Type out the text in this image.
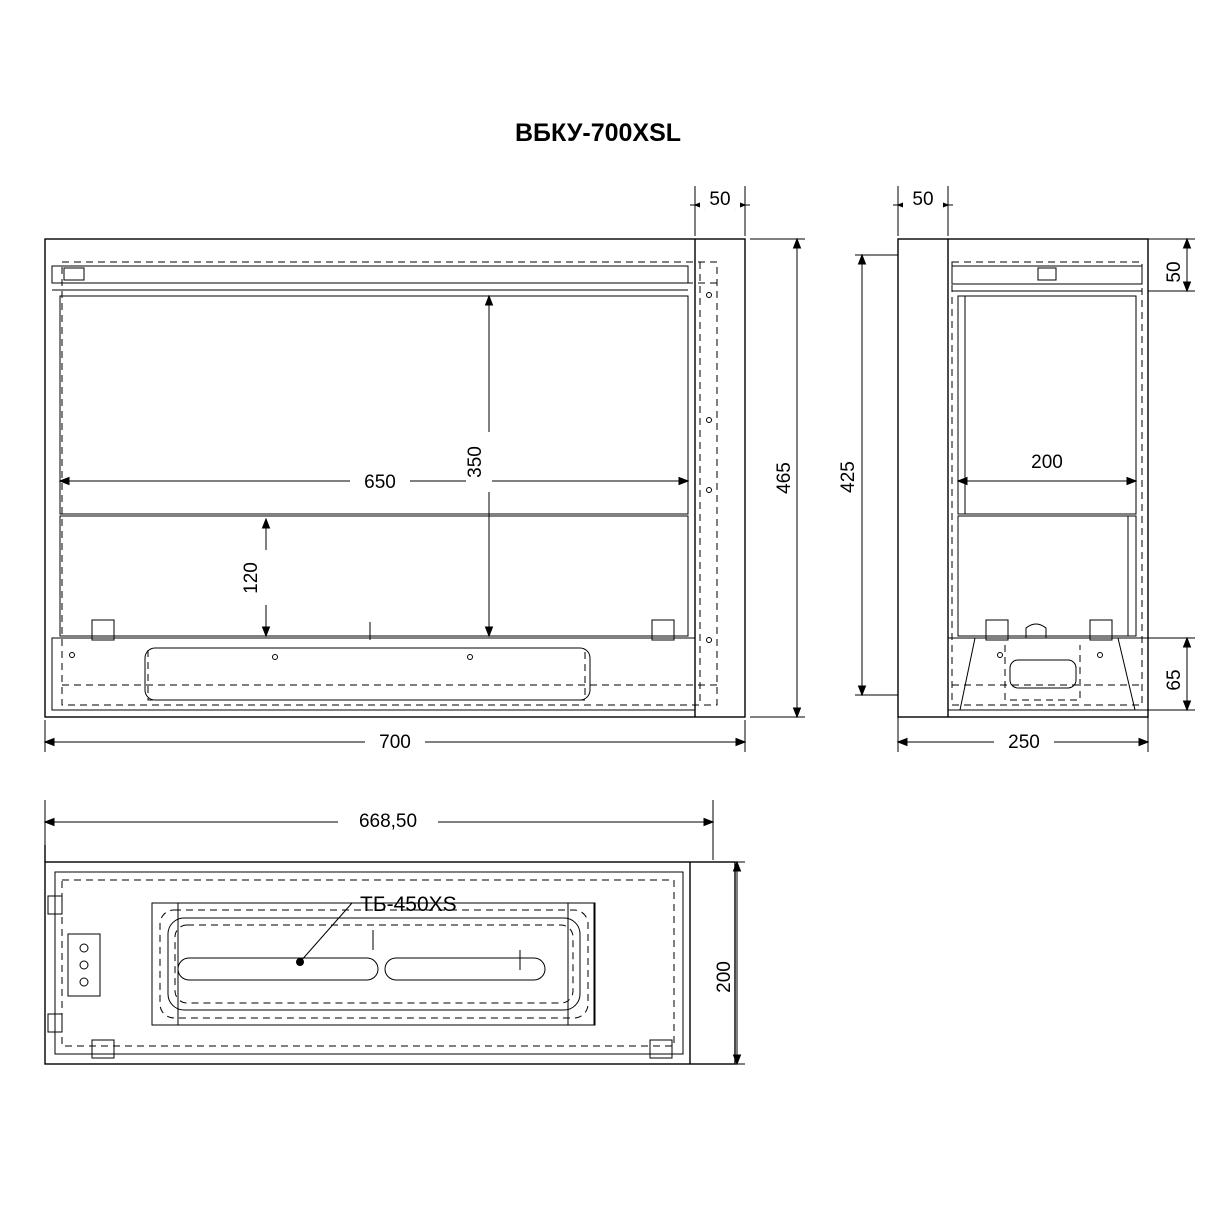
ВБКУ-700XSL
50
465
350
650
120
700
50
50
425	200
65
250
668,50
200
ТБ-450XS
